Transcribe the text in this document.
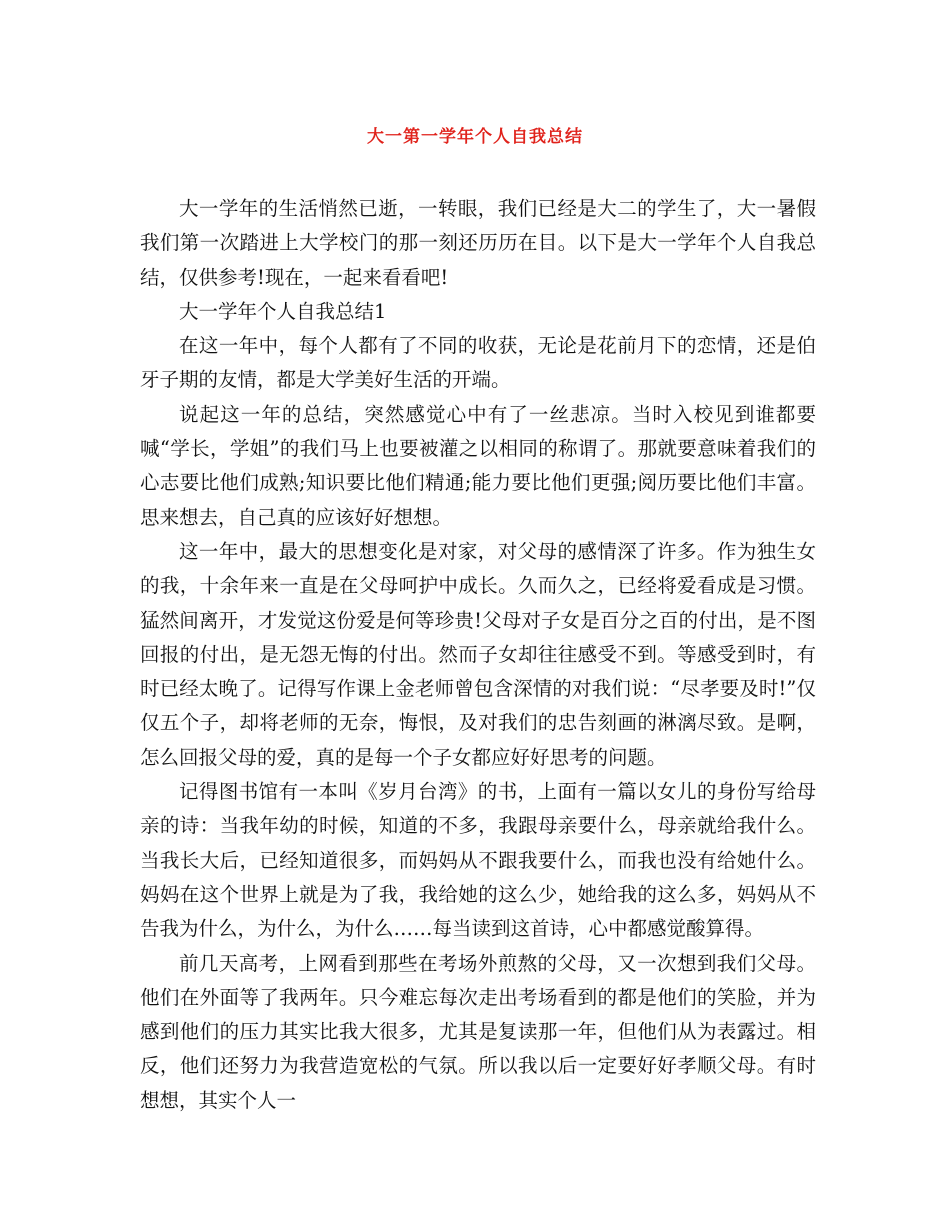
大一第一学年个人自我总结

大一学年的生活悄然已逝，一转眼，我们已经是大二的学生了，大一暑假我们第一次踏进上大学校门的那一刻还历历在目。以下是大一学年个人自我总结，仅供参考!现在，一起来看看吧!

大一学年个人自我总结1

在这一年中，每个人都有了不同的收获，无论是花前月下的恋情，还是伯牙子期的友情，都是大学美好生活的开端。

说起这一年的总结，突然感觉心中有了一丝悲凉。当时入校见到谁都要喊“学长，学姐”的我们马上也要被灌之以相同的称谓了。那就要意味着我们的心志要比他们成熟;知识要比他们精通;能力要比他们更强;阅历要比他们丰富。思来想去，自己真的应该好好想想。

这一年中，最大的思想变化是对家，对父母的感情深了许多。作为独生女的我，十余年来一直是在父母呵护中成长。久而久之，已经将爱看成是习惯。猛然间离开，才发觉这份爱是何等珍贵!父母对子女是百分之百的付出，是不图回报的付出，是无怨无悔的付出。然而子女却往往感受不到。等感受到时，有时已经太晚了。记得写作课上金老师曾包含深情的对我们说：“尽孝要及时!”仅仅五个子，却将老师的无奈，悔恨，及对我们的忠告刻画的淋漓尽致。是啊，怎么回报父母的爱，真的是每一个子女都应好好思考的问题。

记得图书馆有一本叫《岁月台湾》的书，上面有一篇以女儿的身份写给母亲的诗：当我年幼的时候，知道的不多，我跟母亲要什么，母亲就给我什么。当我长大后，已经知道很多，而妈妈从不跟我要什么，而我也没有给她什么。妈妈在这个世界上就是为了我，我给她的这么少，她给我的这么多，妈妈从不告我为什么，为什么，为什么……每当读到这首诗，心中都感觉酸算得。

前几天高考，上网看到那些在考场外煎熬的父母，又一次想到我们父母。他们在外面等了我两年。只今难忘每次走出考场看到的都是他们的笑脸，并为感到他们的压力其实比我大很多，尤其是复读那一年，但他们从为表露过。相反，他们还努力为我营造宽松的气氛。所以我以后一定要好好孝顺父母。有时想想，其实个人一
